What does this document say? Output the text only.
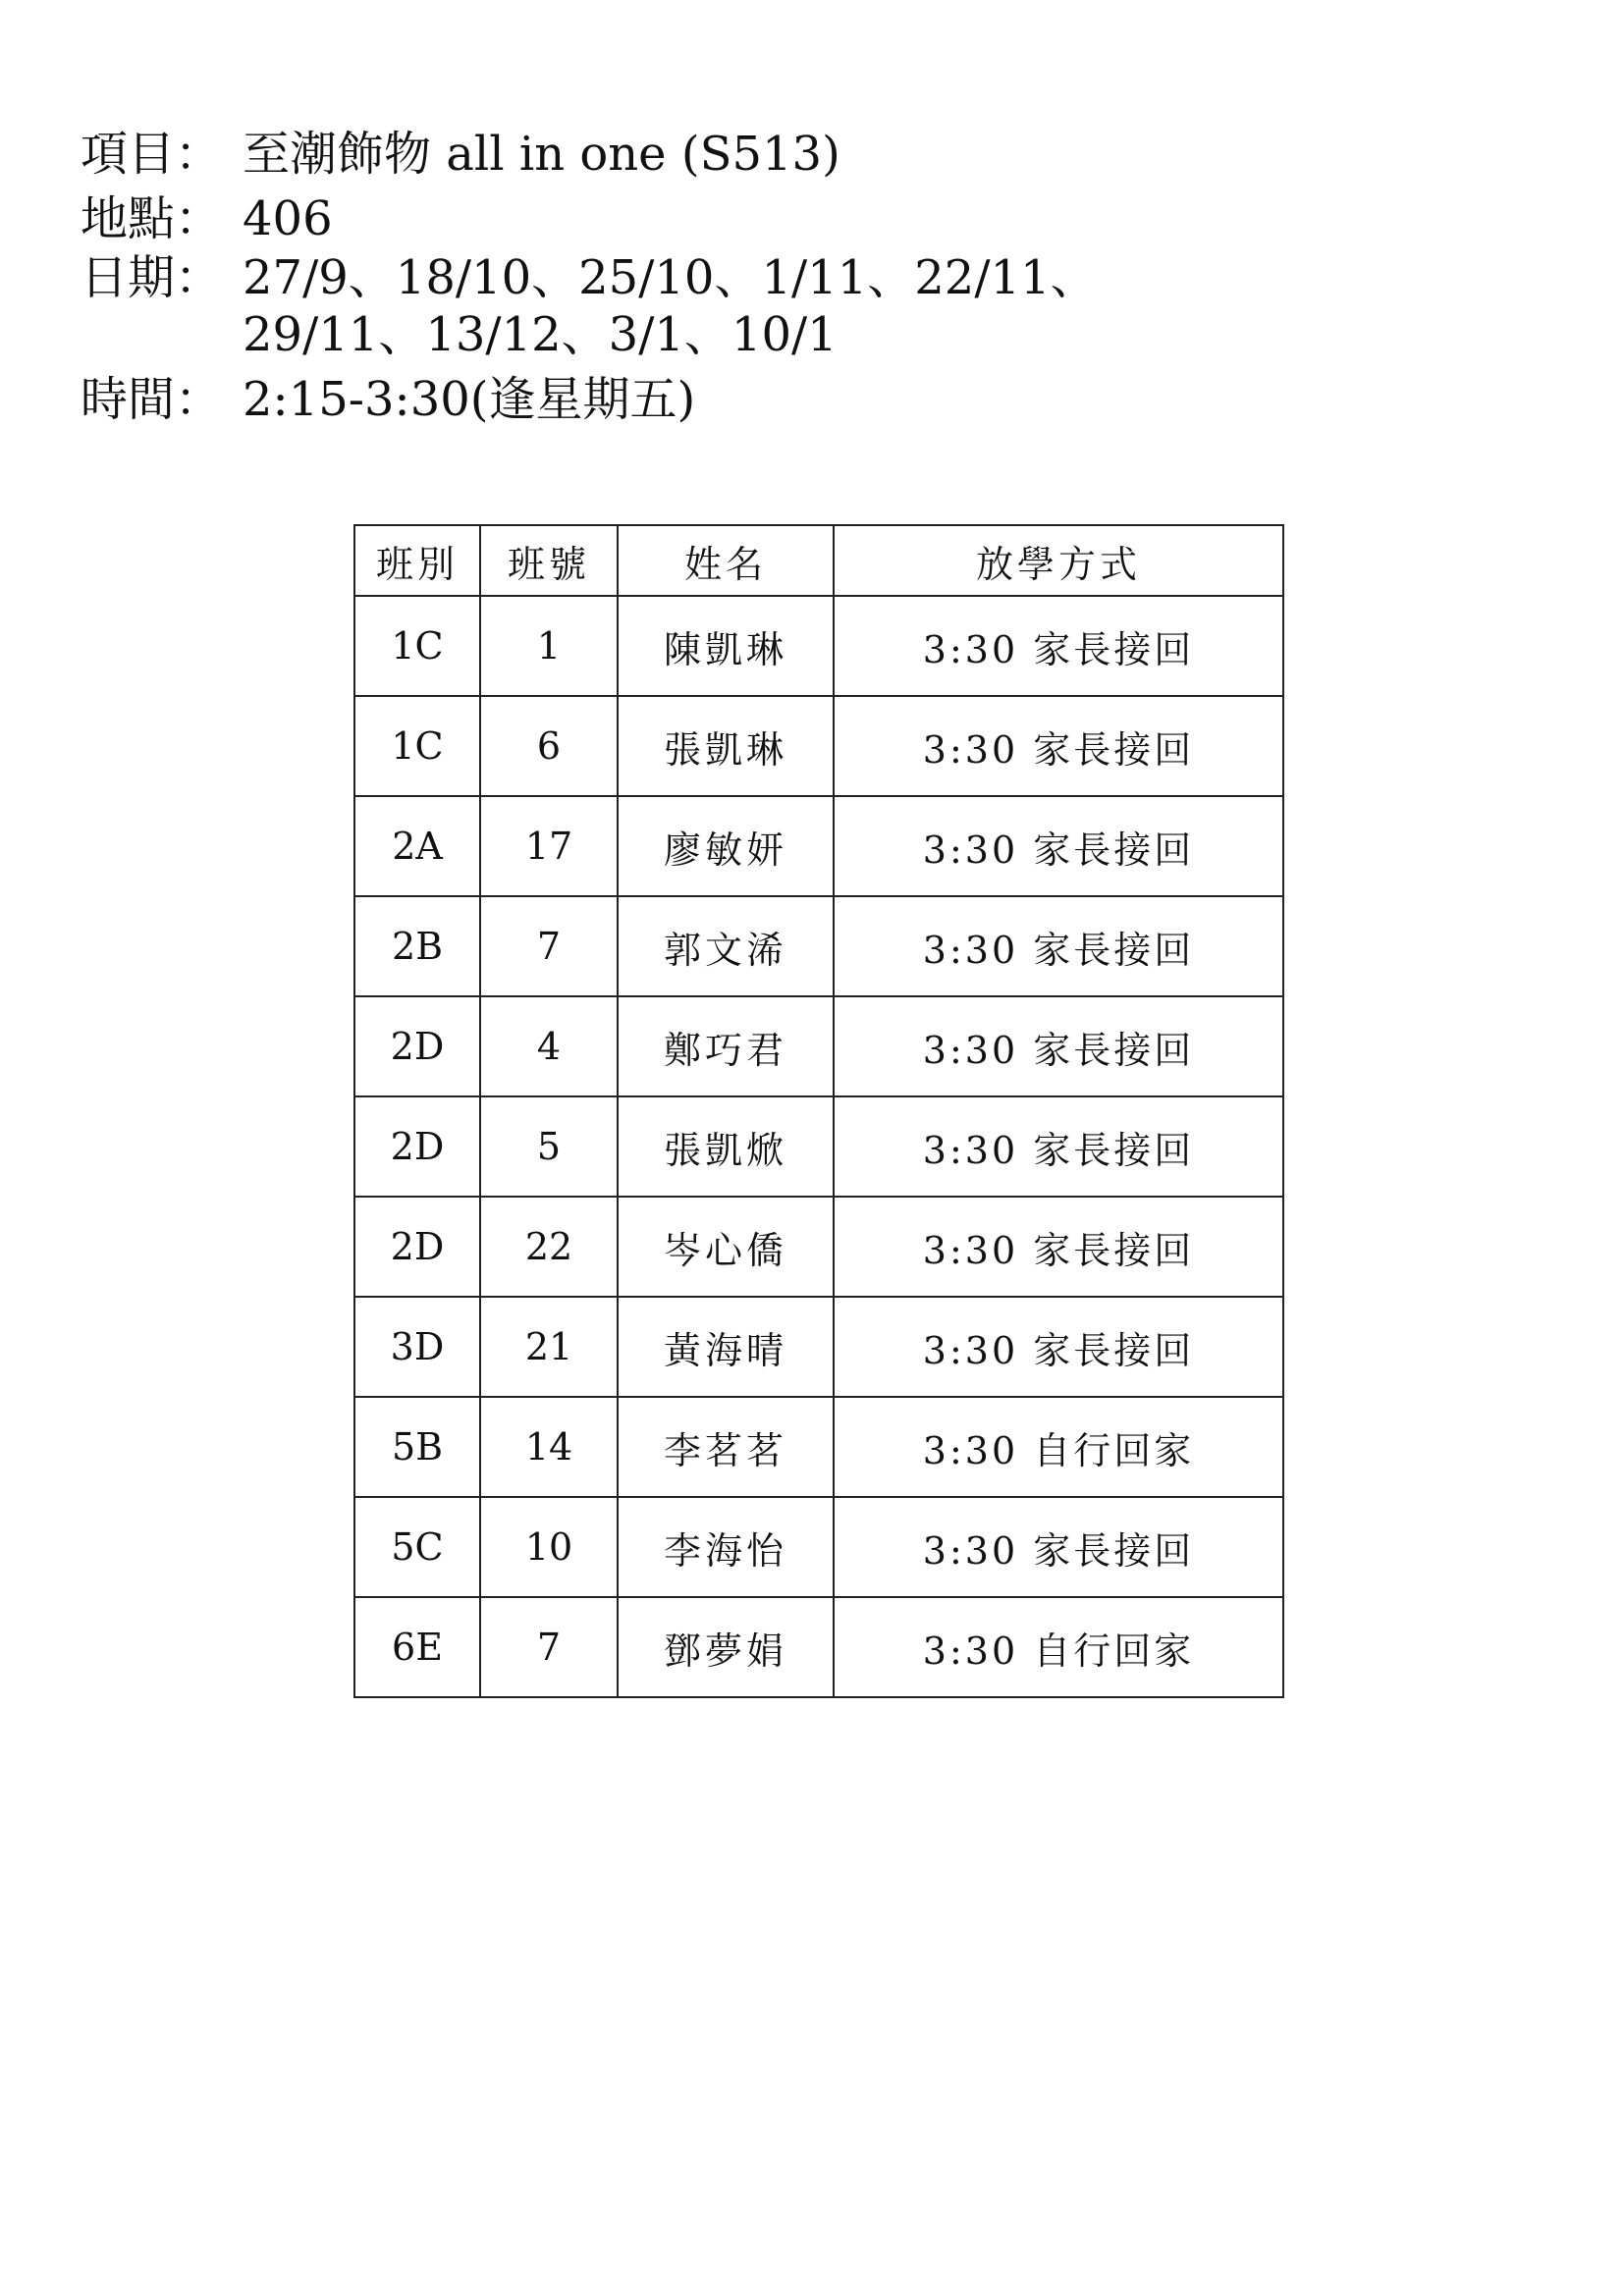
項目： 至潮飾物 all in one (S513)
地點： 406
日期： 27/9、18/10、25/10、1/11、22/11、
29/11、13/12、3/1、10/1
時間： 2:15-3:30(逢星期五)
班別	班號	姓名	放學方式
1C	1	陳凱琳	3:30 家長接回
1C	6	張凱琳	3:30 家長接回
2A	17	廖敏妍	3:30 家長接回
2B	7	郭文浠	3:30 家長接回
2D	4	鄭巧君	3:30 家長接回
2D	5	張凱焮	3:30 家長接回
2D	22	岑心僑	3:30 家長接回
3D	21	黃海晴	3:30 家長接回
5B	14	李茗茗	3:30 自行回家
5C	10	李海怡	3:30 家長接回
6E	7	鄧夢娟	3:30 自行回家
